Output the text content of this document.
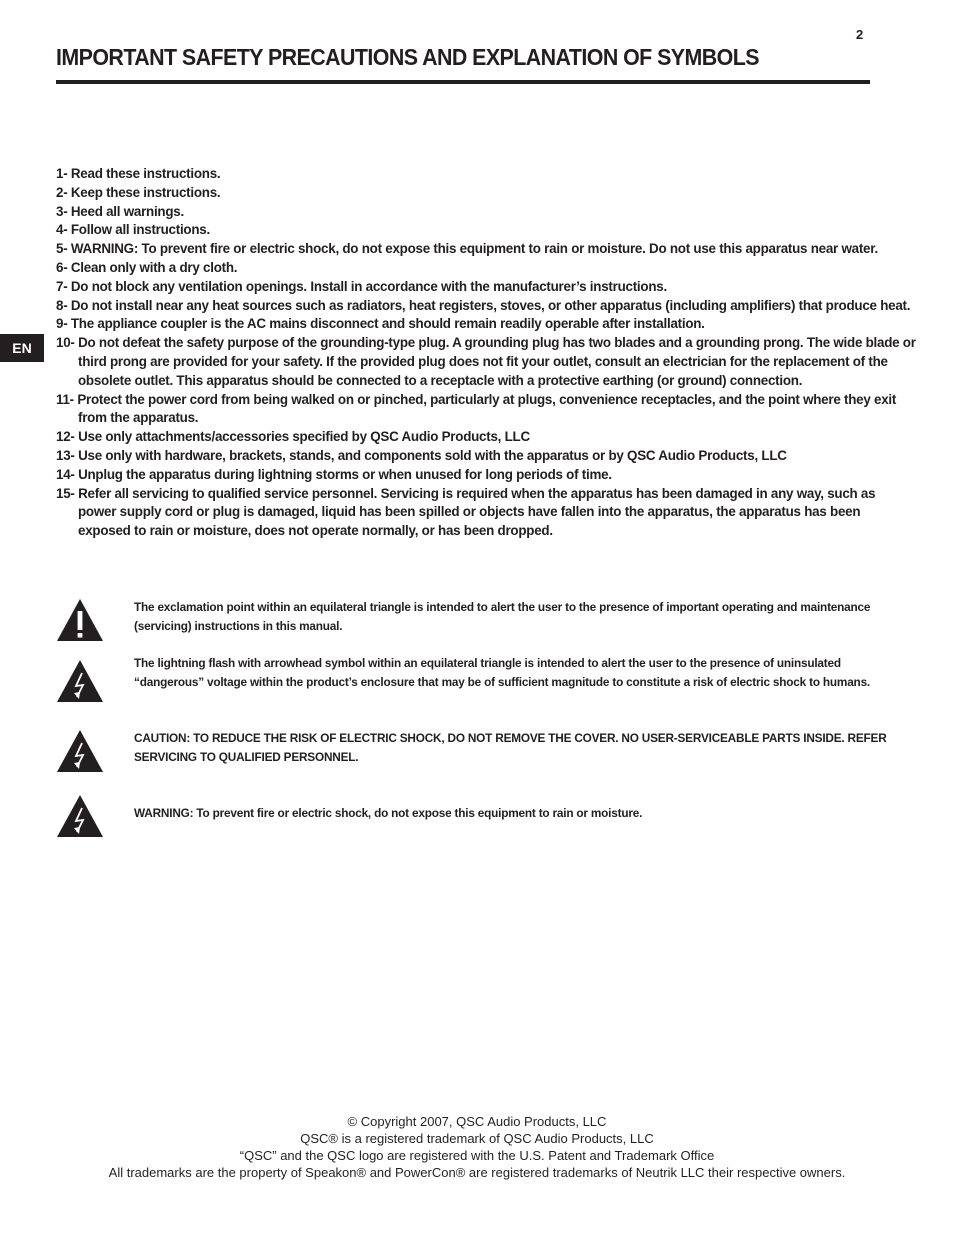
2
IMPORTANT SAFETY PRECAUTIONS AND EXPLANATION OF SYMBOLS
EN
1- Read these instructions.
2- Keep these instructions.
3- Heed all warnings.
4- Follow all instructions.
5- WARNING: To prevent fire or electric shock, do not expose this equipment to rain or moisture. Do not use this apparatus near water.
6- Clean only with a dry cloth.
7- Do not block any ventilation openings. Install in accordance with the manufacturer’s instructions.
8- Do not install near any heat sources such as radiators, heat registers, stoves, or other apparatus (including amplifiers) that produce heat.
9- The appliance coupler is the AC mains disconnect and should remain readily operable after installation.
10- Do not defeat the safety purpose of the grounding-type plug. A grounding plug has two blades and a grounding prong. The wide blade or third prong are provided for your safety. If the provided plug does not fit your outlet, consult an electrician for the replacement of the obsolete outlet. This apparatus should be connected to a receptacle with a protective earthing (or ground) connection.
11- Protect the power cord from being walked on or pinched, particularly at plugs, convenience receptacles, and the point where they exit from the apparatus.
12- Use only attachments/accessories specified by QSC Audio Products, LLC
13- Use only with hardware, brackets, stands, and components sold with the apparatus or by QSC Audio Products, LLC
14- Unplug the apparatus during lightning storms or when unused for long periods of time.
15- Refer all servicing to qualified service personnel. Servicing is required when the apparatus has been damaged in any way, such as power supply cord or plug is damaged, liquid has been spilled or objects have fallen into the apparatus, the apparatus has been exposed to rain or moisture, does not operate normally, or has been dropped.
The exclamation point within an equilateral triangle is intended to alert the user to the presence of important operating and maintenance (servicing) instructions in this manual.
The lightning flash with arrowhead symbol within an equilateral triangle is intended to alert the user to the presence of uninsulated “dangerous” voltage within the product’s enclosure that may be of sufficient magnitude to constitute a risk of electric shock to humans.
CAUTION: TO REDUCE THE RISK OF ELECTRIC SHOCK, DO NOT REMOVE THE COVER. NO USER-SERVICEABLE PARTS INSIDE. REFER SERVICING TO QUALIFIED PERSONNEL.
WARNING: To prevent fire or electric shock, do not expose this equipment to rain or moisture.
© Copyright 2007, QSC Audio Products, LLC
QSC® is a registered trademark of QSC Audio Products, LLC
“QSC” and the QSC logo are registered with the U.S. Patent and Trademark Office
All trademarks are the property of Speakon® and PowerCon® are registered trademarks of Neutrik LLC their respective owners.
